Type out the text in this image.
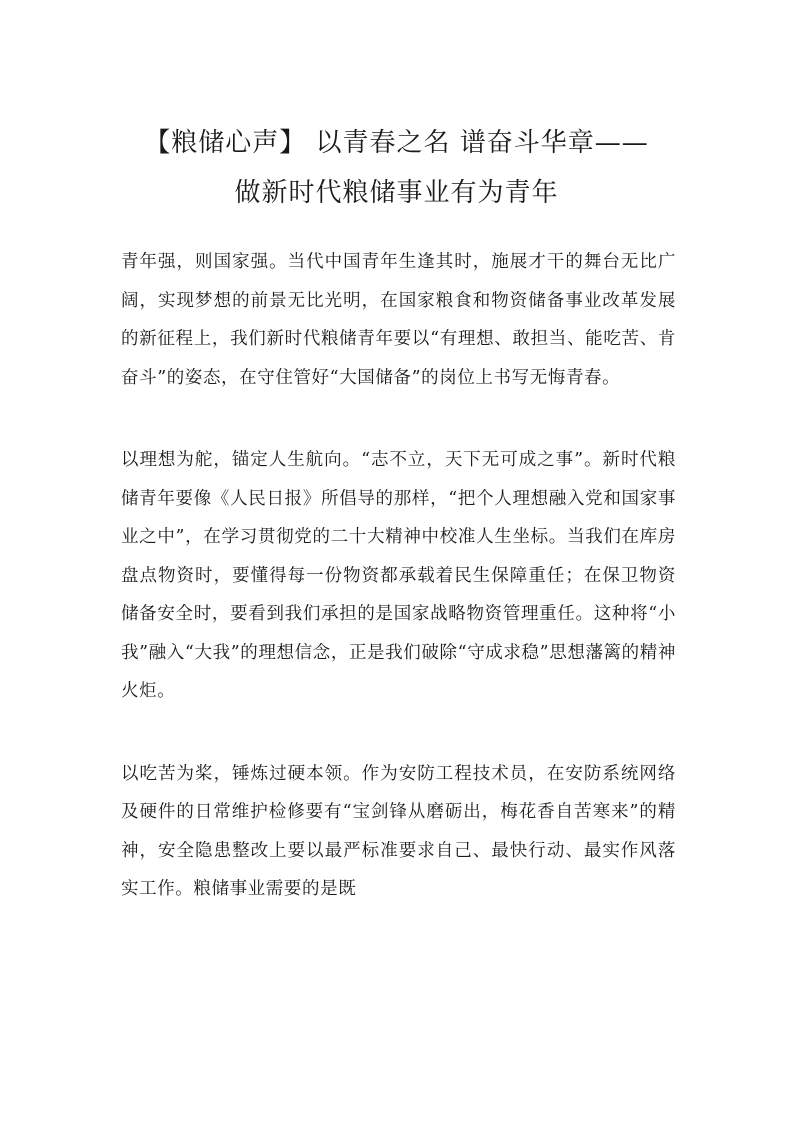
【粮储心声】 以青春之名 谱奋斗华章——
做新时代粮储事业有为青年

青年强，则国家强。当代中国青年生逢其时，施展才干的舞台无比广阔，实现梦想的前景无比光明，在国家粮食和物资储备事业改革发展的新征程上，我们新时代粮储青年要以“有理想、敢担当、能吃苦、肯奋斗”的姿态，在守住管好“大国储备”的岗位上书写无悔青春。

以理想为舵，锚定人生航向。“志不立，天下无可成之事”。新时代粮储青年要像《人民日报》所倡导的那样，“把个人理想融入党和国家事业之中”，在学习贯彻党的二十大精神中校准人生坐标。当我们在库房盘点物资时，要懂得每一份物资都承载着民生保障重任；在保卫物资储备安全时，要看到我们承担的是国家战略物资管理重任。这种将“小我”融入“大我”的理想信念，正是我们破除“守成求稳”思想藩篱的精神火炬。

以吃苦为桨，锤炼过硬本领。作为安防工程技术员，在安防系统网络及硬件的日常维护检修要有“宝剑锋从磨砺出，梅花香自苦寒来”的精神，安全隐患整改上要以最严标准要求自己、最快行动、最实作风落实工作。粮储事业需要的是既
